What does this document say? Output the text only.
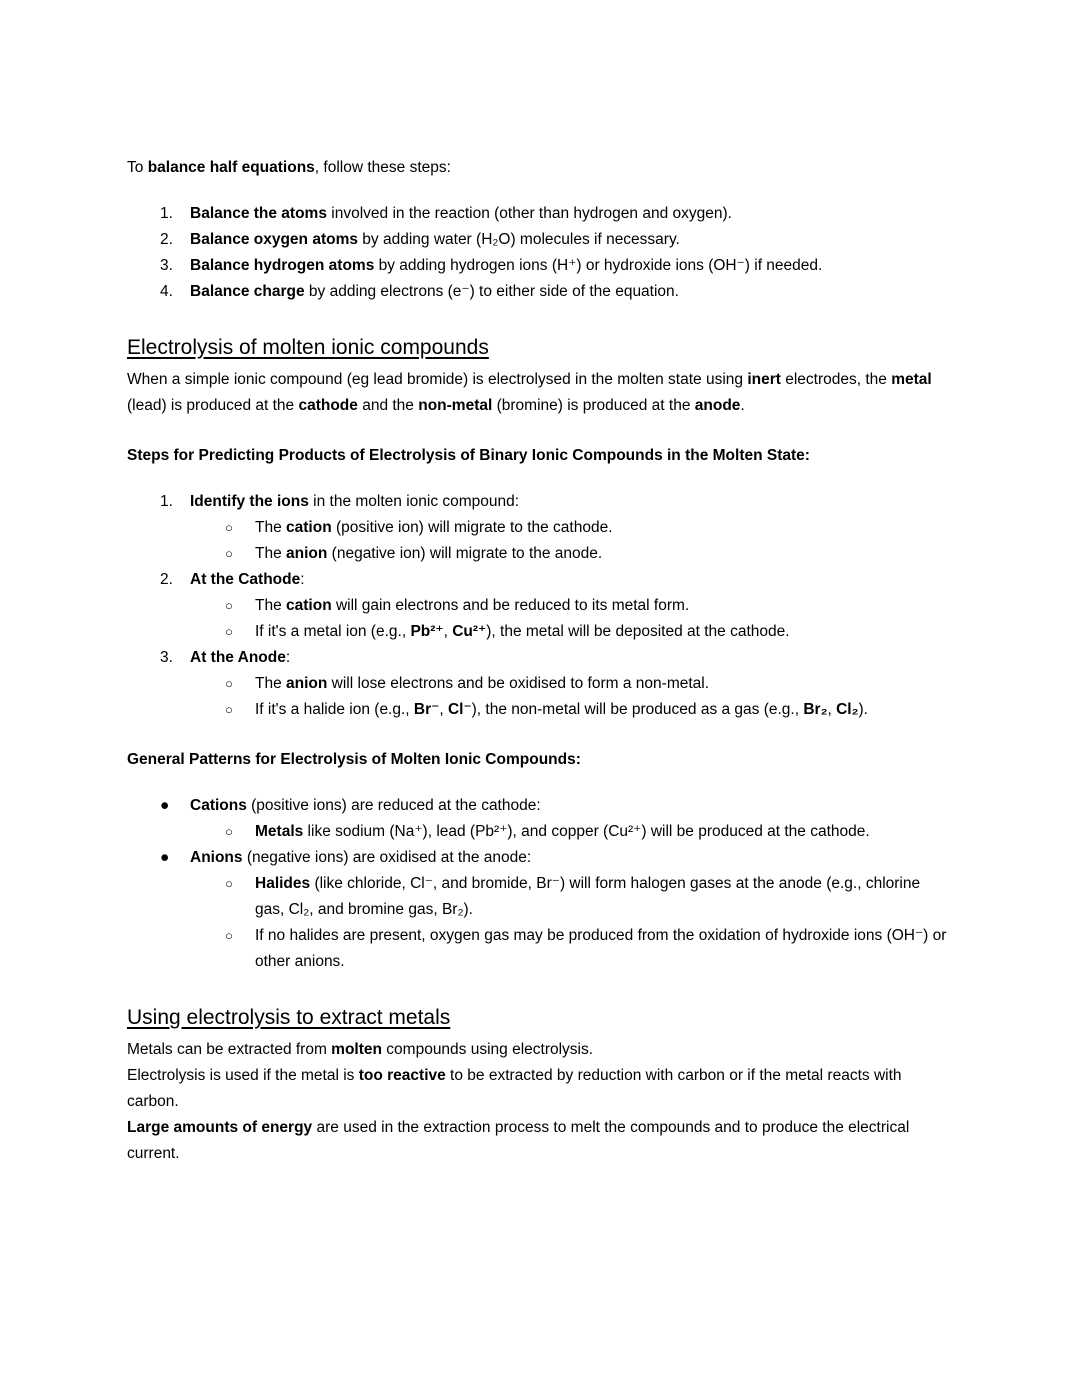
To balance half equations, follow these steps:
1.	Balance the atoms involved in the reaction (other than hydrogen and oxygen).
2.	Balance oxygen atoms by adding water (H₂O) molecules if necessary.
3.	Balance hydrogen atoms by adding hydrogen ions (H⁺) or hydroxide ions (OH⁻) if needed.
4.	Balance charge by adding electrons (e⁻) to either side of the equation.
Electrolysis of molten ionic compounds
When a simple ionic compound (eg lead bromide) is electrolysed in the molten state using inert electrodes, the metal (lead) is produced at the cathode and the non-metal (bromine) is produced at the anode.
Steps for Predicting Products of Electrolysis of Binary Ionic Compounds in the Molten State:
1.	Identify the ions in the molten ionic compound:
○	The cation (positive ion) will migrate to the cathode.
○	The anion (negative ion) will migrate to the anode.
2.	At the Cathode:
○	The cation will gain electrons and be reduced to its metal form.
○	If it's a metal ion (e.g., Pb²⁺, Cu²⁺), the metal will be deposited at the cathode.
3.	At the Anode:
○	The anion will lose electrons and be oxidised to form a non-metal.
○	If it's a halide ion (e.g., Br⁻, Cl⁻), the non-metal will be produced as a gas (e.g., Br₂, Cl₂).
General Patterns for Electrolysis of Molten Ionic Compounds:
●	Cations (positive ions) are reduced at the cathode:
○	Metals like sodium (Na⁺), lead (Pb²⁺), and copper (Cu²⁺) will be produced at the cathode.
●	Anions (negative ions) are oxidised at the anode:
○	Halides (like chloride, Cl⁻, and bromide, Br⁻) will form halogen gases at the anode (e.g., chlorine gas, Cl₂, and bromine gas, Br₂).
○	If no halides are present, oxygen gas may be produced from the oxidation of hydroxide ions (OH⁻) or other anions.
Using electrolysis to extract metals
Metals can be extracted from molten compounds using electrolysis.
Electrolysis is used if the metal is too reactive to be extracted by reduction with carbon or if the metal reacts with carbon.
Large amounts of energy are used in the extraction process to melt the compounds and to produce the electrical current.
